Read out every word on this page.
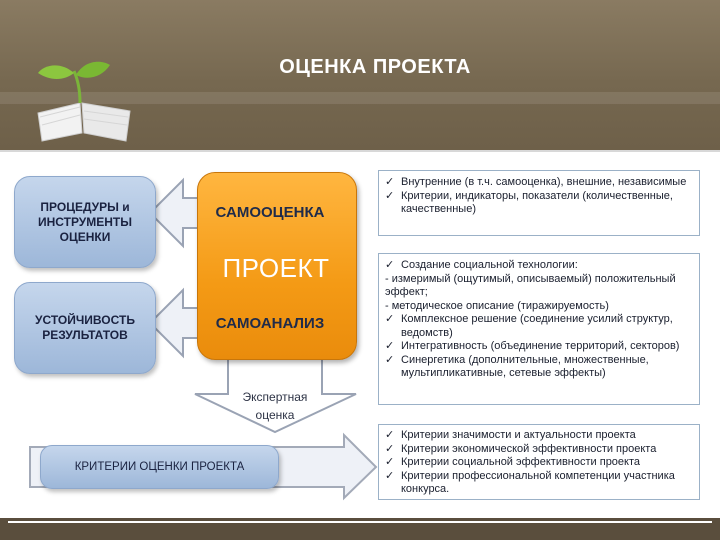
ОЦЕНКА ПРОЕКТА
САМООЦЕНКА
ПРОЕКТ
САМОАНАЛИЗ
Экспертная
оценка
ПРОЦЕДУРЫ и ИНСТРУМЕНТЫ ОЦЕНКИ
УСТОЙЧИВОСТЬ РЕЗУЛЬТАТОВ
КРИТЕРИИ ОЦЕНКИ ПРОЕКТА
✓ Внутренние (в т.ч. самооценка), внешние, независимые
✓ Критерии, индикаторы, показатели (количественные, качественные)
✓ Создание социальной технологии:
- измеримый (ощутимый, описываемый) положительный эффект;
- методическое описание (тиражируемость)
✓ Комплексное решение (соединение усилий структур, ведомств)
✓ Интегративность (объединение территорий, секторов)
✓ Синергетика (дополнительные, множественные, мультипликативные, сетевые эффекты)
✓ Критерии значимости и актуальности проекта
✓ Критерии экономической эффективности проекта
✓ Критерии социальной эффективности проекта
✓ Критерии профессиональной компетенции участника конкурса.
